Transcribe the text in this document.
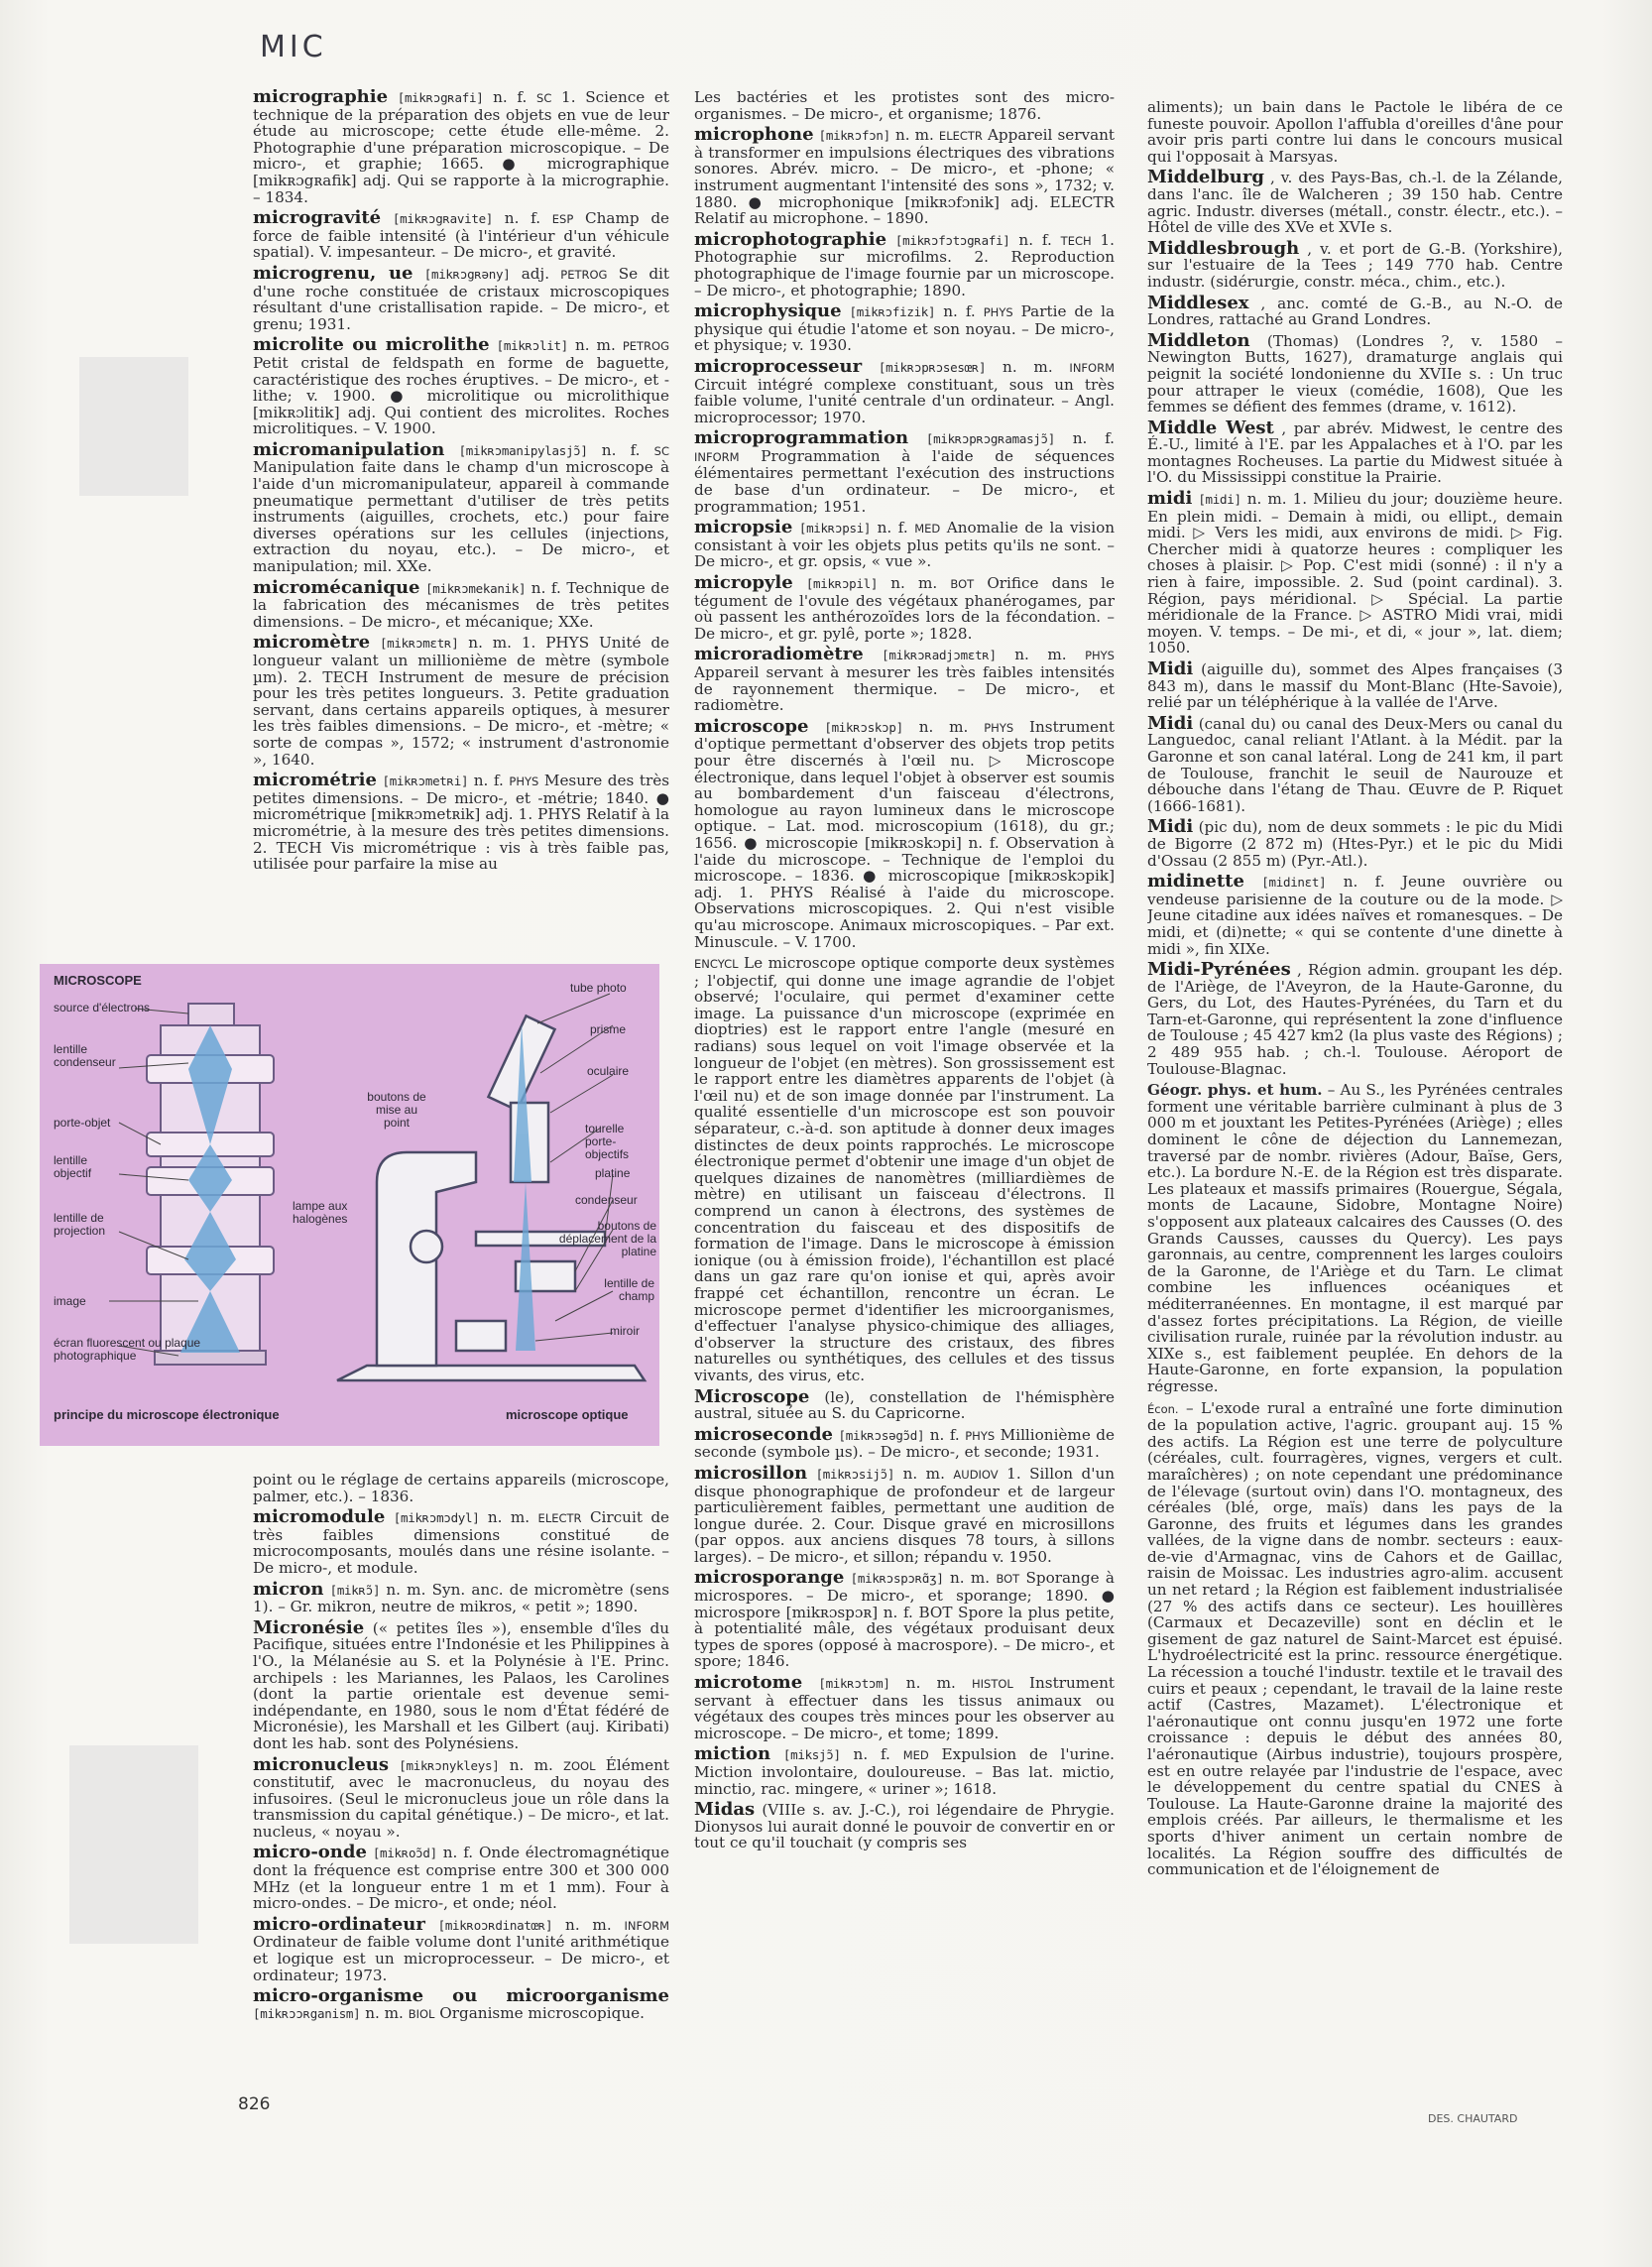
MIC

micrographie [mikʀɔgʀafi] n. f. SC 1. Science et technique de la préparation des objets en vue de leur étude au microscope; cette étude elle-même. 2. Photographie d'une préparation microscopique. – De micro-, et graphie; 1665. ● micrographique [mikʀɔgʀafik] adj. Qui se rapporte à la micrographie. – 1834.

microgravité [mikʀɔgʀavite] n. f. ESP Champ de force de faible intensité (à l'intérieur d'un véhicule spatial). V. impesanteur. – De micro-, et gravité.

microgrenu, ue [mikʀɔgʀəny] adj. PETROG Se dit d'une roche constituée de cristaux microscopiques résultant d'une cristallisation rapide. – De micro-, et grenu; 1931.

microlite ou microlithe [mikʀɔlit] n. m. PETROG Petit cristal de feldspath en forme de baguette, caractéristique des roches éruptives. – De micro-, et -lithe; v. 1900. ● microlitique ou microlithique [mikʀɔlitik] adj. Qui contient des microlites. Roches microlitiques. – V. 1900.

micromanipulation [mikʀɔmanipylasjɔ̃] n. f. SC Manipulation faite dans le champ d'un microscope à l'aide d'un micromanipulateur, appareil à commande pneumatique permettant d'utiliser de très petits instruments (aiguilles, crochets, etc.) pour faire diverses opérations sur les cellules (injections, extraction du noyau, etc.). – De micro-, et manipulation; mil. XXe.

micromécanique [mikʀɔmekanik] n. f. Technique de la fabrication des mécanismes de très petites dimensions. – De micro-, et mécanique; XXe.

micromètre [mikʀɔmɛtʀ] n. m. 1. PHYS Unité de longueur valant un millionième de mètre (symbole µm). 2. TECH Instrument de mesure de précision pour les très petites longueurs. 3. Petite graduation servant, dans certains appareils optiques, à mesurer les très faibles dimensions. – De micro-, et -mètre; « sorte de compas », 1572; « instrument d'astronomie », 1640.

micrométrie [mikʀɔmetʀi] n. f. PHYS Mesure des très petites dimensions. – De micro-, et -métrie; 1840. ● micrométrique [mikʀɔmetʀik] adj. 1. PHYS Relatif à la micrométrie, à la mesure des très petites dimensions. 2. TECH Vis micrométrique : vis à très faible pas, utilisée pour parfaire la mise au

MICROSCOPE
source d'électrons
lentille condenseur
porte-objet
lentille objectif
lentille de projection
image
écran fluorescent ou plaque photographique
tube photo
prisme
oculaire
boutons de mise au point	tourelle porte-objectifs
platine
condenseur
lampe aux halogènes	boutons de déplacement de la platine
lentille de champ
miroir
principe du microscope électronique	microscope optique

point ou le réglage de certains appareils (microscope, palmer, etc.). – 1836.

micromodule [mikʀɔmɔdyl] n. m. ELECTR Circuit de très faibles dimensions constitué de microcomposants, moulés dans une résine isolante. – De micro-, et module.

micron [mikʀɔ̃] n. m. Syn. anc. de micromètre (sens 1). – Gr. mikron, neutre de mikros, « petit »; 1890.

Micronésie (« petites îles »), ensemble d'îles du Pacifique, situées entre l'Indonésie et les Philippines à l'O., la Mélanésie au S. et la Polynésie à l'E. Princ. archipels : les Mariannes, les Palaos, les Carolines (dont la partie orientale est devenue semi-indépendante, en 1980, sous le nom d'État fédéré de Micronésie), les Marshall et les Gilbert (auj. Kiribati) dont les hab. sont des Polynésiens.

micronucleus [mikʀɔnykleys] n. m. ZOOL Élément constitutif, avec le macronucleus, du noyau des infusoires. (Seul le micronucleus joue un rôle dans la transmission du capital génétique.) – De micro-, et lat. nucleus, « noyau ».

micro-onde [mikʀoɔ̃d] n. f. Onde électromagnétique dont la fréquence est comprise entre 300 et 300 000 MHz (et la longueur entre 1 m et 1 mm). Four à micro-ondes. – De micro-, et onde; néol.

micro-ordinateur [mikʀoɔʀdinatœʀ] n. m. INFORM Ordinateur de faible volume dont l'unité arithmétique et logique est un microprocesseur. – De micro-, et ordinateur; 1973.

micro-organisme ou microorganisme [mikʀɔɔʀganism] n. m. BIOL Organisme microscopique.

Les bactéries et les protistes sont des micro-organismes. – De micro-, et organisme; 1876.

microphone [mikʀɔfɔn] n. m. ELECTR Appareil servant à transformer en impulsions électriques des vibrations sonores. Abrév. micro. – De micro-, et -phone; « instrument augmentant l'intensité des sons », 1732; v. 1880. ● microphonique [mikʀɔfɔnik] adj. ELECTR Relatif au microphone. – 1890.

microphotographie [mikʀɔfɔtɔgʀafi] n. f. TECH 1. Photographie sur microfilms. 2. Reproduction photographique de l'image fournie par un microscope. – De micro-, et photographie; 1890.

microphysique [mikʀɔfizik] n. f. PHYS Partie de la physique qui étudie l'atome et son noyau. – De micro-, et physique; v. 1930.

microprocesseur [mikʀɔpʀɔsesœʀ] n. m. INFORM Circuit intégré complexe constituant, sous un très faible volume, l'unité centrale d'un ordinateur. – Angl. microprocessor; 1970.

microprogrammation [mikʀɔpʀɔgʀamasjɔ̃] n. f. INFORM Programmation à l'aide de séquences élémentaires permettant l'exécution des instructions de base d'un ordinateur. – De micro-, et programmation; 1951.

micropsie [mikʀɔpsi] n. f. MED Anomalie de la vision consistant à voir les objets plus petits qu'ils ne sont. – De micro-, et gr. opsis, « vue ».

micropyle [mikʀɔpil] n. m. BOT Orifice dans le tégument de l'ovule des végétaux phanérogames, par où passent les anthérozoïdes lors de la fécondation. – De micro-, et gr. pylê, porte »; 1828.

microradiomètre [mikʀɔʀadjɔmɛtʀ] n. m. PHYS Appareil servant à mesurer les très faibles intensités de rayonnement thermique. – De micro-, et radiomètre.

microscope [mikʀɔskɔp] n. m. PHYS Instrument d'optique permettant d'observer des objets trop petits pour être discernés à l'œil nu. ▷ Microscope électronique, dans lequel l'objet à observer est soumis au bombardement d'un faisceau d'électrons, homologue au rayon lumineux dans le microscope optique. – Lat. mod. microscopium (1618), du gr.; 1656. ● microscopie [mikʀɔskɔpi] n. f. Observation à l'aide du microscope. – Technique de l'emploi du microscope. – 1836. ● microscopique [mikʀɔskɔpik] adj. 1. PHYS Réalisé à l'aide du microscope. Observations microscopiques. 2. Qui n'est visible qu'au microscope. Animaux microscopiques. – Par ext. Minuscule. – V. 1700.

ENCYCL Le microscope optique comporte deux systèmes ; l'objectif, qui donne une image agrandie de l'objet observé; l'oculaire, qui permet d'examiner cette image. La puissance d'un microscope (exprimée en dioptries) est le rapport entre l'angle (mesuré en radians) sous lequel on voit l'image observée et la longueur de l'objet (en mètres). Son grossissement est le rapport entre les diamètres apparents de l'objet (à l'œil nu) et de son image donnée par l'instrument. La qualité essentielle d'un microscope est son pouvoir séparateur, c.-à-d. son aptitude à donner deux images distinctes de deux points rapprochés. Le microscope électronique permet d'obtenir une image d'un objet de quelques dizaines de nanomètres (milliardièmes de mètre) en utilisant un faisceau d'électrons. Il comprend un canon à électrons, des systèmes de concentration du faisceau et des dispositifs de formation de l'image. Dans le microscope à émission ionique (ou à émission froide), l'échantillon est placé dans un gaz rare qu'on ionise et qui, après avoir frappé cet échantillon, rencontre un écran. Le microscope permet d'identifier les microorganismes, d'effectuer l'analyse physico-chimique des alliages, d'observer la structure des cristaux, des fibres naturelles ou synthétiques, des cellules et des tissus vivants, des virus, etc.

Microscope (le), constellation de l'hémisphère austral, située au S. du Capricorne.

microseconde [mikʀɔsəgɔ̃d] n. f. PHYS Millionième de seconde (symbole µs). – De micro-, et seconde; 1931.

microsillon [mikʀɔsijɔ̃] n. m. AUDIOV 1. Sillon d'un disque phonographique de profondeur et de largeur particulièrement faibles, permettant une audition de longue durée. 2. Cour. Disque gravé en microsillons (par oppos. aux anciens disques 78 tours, à sillons larges). – De micro-, et sillon; répandu v. 1950.

microsporange [mikʀɔspɔʀɑ̃ʒ] n. m. BOT Sporange à microspores. – De micro-, et sporange; 1890. ● microspore [mikʀɔspɔʀ] n. f. BOT Spore la plus petite, à potentialité mâle, des végétaux produisant deux types de spores (opposé à macrospore). – De micro-, et spore; 1846.

microtome [mikʀɔtɔm] n. m. HISTOL Instrument servant à effectuer dans les tissus animaux ou végétaux des coupes très minces pour les observer au microscope. – De micro-, et tome; 1899.

miction [miksjɔ̃] n. f. MED Expulsion de l'urine. Miction involontaire, douloureuse. – Bas lat. mictio, minctio, rac. mingere, « uriner »; 1618.

Midas (VIIIe s. av. J.-C.), roi légendaire de Phrygie. Dionysos lui aurait donné le pouvoir de convertir en or tout ce qu'il touchait (y compris ses

aliments); un bain dans le Pactole le libéra de ce funeste pouvoir. Apollon l'affubla d'oreilles d'âne pour avoir pris parti contre lui dans le concours musical qui l'opposait à Marsyas.

Middelburg , v. des Pays-Bas, ch.-l. de la Zélande, dans l'anc. île de Walcheren ; 39 150 hab. Centre agric. Industr. diverses (métall., constr. électr., etc.). – Hôtel de ville des XVe et XVIe s.

Middlesbrough , v. et port de G.-B. (Yorkshire), sur l'estuaire de la Tees ; 149 770 hab. Centre industr. (sidérurgie, constr. méca., chim., etc.).

Middlesex , anc. comté de G.-B., au N.-O. de Londres, rattaché au Grand Londres.

Middleton (Thomas) (Londres ?, v. 1580 – Newington Butts, 1627), dramaturge anglais qui peignit la société londonienne du XVIIe s. : Un truc pour attraper le vieux (comédie, 1608), Que les femmes se défient des femmes (drame, v. 1612).

Middle West , par abrév. Midwest, le centre des É.-U., limité à l'E. par les Appalaches et à l'O. par les montagnes Rocheuses. La partie du Midwest située à l'O. du Mississippi constitue la Prairie.

midi [midi] n. m. 1. Milieu du jour; douzième heure. En plein midi. – Demain à midi, ou ellipt., demain midi. ▷ Vers les midi, aux environs de midi. ▷ Fig. Chercher midi à quatorze heures : compliquer les choses à plaisir. ▷ Pop. C'est midi (sonné) : il n'y a rien à faire, impossible. 2. Sud (point cardinal). 3. Région, pays méridional. ▷ Spécial. La partie méridionale de la France. ▷ ASTRO Midi vrai, midi moyen. V. temps. – De mi-, et di, « jour », lat. diem; 1050.

Midi (aiguille du), sommet des Alpes françaises (3 843 m), dans le massif du Mont-Blanc (Hte-Savoie), relié par un téléphérique à la vallée de l'Arve.

Midi (canal du) ou canal des Deux-Mers ou canal du Languedoc, canal reliant l'Atlant. à la Médit. par la Garonne et son canal latéral. Long de 241 km, il part de Toulouse, franchit le seuil de Naurouze et débouche dans l'étang de Thau. Œuvre de P. Riquet (1666-1681).

Midi (pic du), nom de deux sommets : le pic du Midi de Bigorre (2 872 m) (Htes-Pyr.) et le pic du Midi d'Ossau (2 855 m) (Pyr.-Atl.).

midinette [midinɛt] n. f. Jeune ouvrière ou vendeuse parisienne de la couture ou de la mode. ▷ Jeune citadine aux idées naïves et romanesques. – De midi, et (di)nette; « qui se contente d'une dinette à midi », fin XIXe.

Midi-Pyrénées , Région admin. groupant les dép. de l'Ariège, de l'Aveyron, de la Haute-Garonne, du Gers, du Lot, des Hautes-Pyrénées, du Tarn et du Tarn-et-Garonne, qui représentent la zone d'influence de Toulouse ; 45 427 km2 (la plus vaste des Régions) ; 2 489 955 hab. ; ch.-l. Toulouse. Aéroport de Toulouse-Blagnac.

Géogr. phys. et hum. – Au S., les Pyrénées centrales forment une véritable barrière culminant à plus de 3 000 m et jouxtant les Petites-Pyrénées (Ariège) ; elles dominent le cône de déjection du Lannemezan, traversé par de nombr. rivières (Adour, Baïse, Gers, etc.). La bordure N.-E. de la Région est très disparate. Les plateaux et massifs primaires (Rouergue, Ségala, monts de Lacaune, Sidobre, Montagne Noire) s'opposent aux plateaux calcaires des Causses (O. des Grands Causses, causses du Quercy). Les pays garonnais, au centre, comprennent les larges couloirs de la Garonne, de l'Ariège et du Tarn. Le climat combine les influences océaniques et méditerranéennes. En montagne, il est marqué par d'assez fortes précipitations. La Région, de vieille civilisation rurale, ruinée par la révolution industr. au XIXe s., est faiblement peuplée. En dehors de la Haute-Garonne, en forte expansion, la population régresse.

Écon. – L'exode rural a entraîné une forte diminution de la population active, l'agric. groupant auj. 15 % des actifs. La Région est une terre de polyculture (céréales, cult. fourragères, vignes, vergers et cult. maraîchères) ; on note cependant une prédominance de l'élevage (surtout ovin) dans l'O. montagneux, des céréales (blé, orge, maïs) dans les pays de la Garonne, des fruits et légumes dans les grandes vallées, de la vigne dans de nombr. secteurs : eaux-de-vie d'Armagnac, vins de Cahors et de Gaillac, raisin de Moissac. Les industries agro-alim. accusent un net retard ; la Région est faiblement industrialisée (27 % des actifs dans ce secteur). Les houillères (Carmaux et Decazeville) sont en déclin et le gisement de gaz naturel de Saint-Marcet est épuisé. L'hydroélectricité est la princ. ressource énergétique. La récession a touché l'industr. textile et le travail des cuirs et peaux ; cependant, le travail de la laine reste actif (Castres, Mazamet). L'électronique et l'aéronautique ont connu jusqu'en 1972 une forte croissance : depuis le début des années 80, l'aéronautique (Airbus industrie), toujours prospère, est en outre relayée par l'industrie de l'espace, avec le développement du centre spatial du CNES à Toulouse. La Haute-Garonne draine la majorité des emplois créés. Par ailleurs, le thermalisme et les sports d'hiver animent un certain nombre de localités. La Région souffre des difficultés de communication et de l'éloignement de

826
DES. CHAUTARD
